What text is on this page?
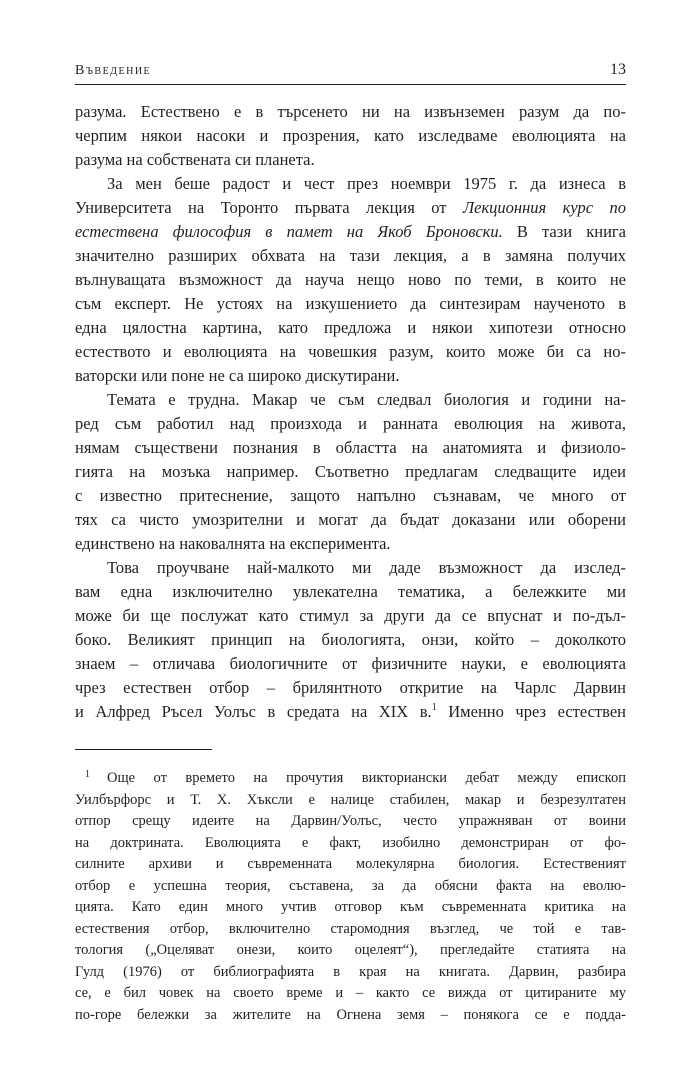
Въведение	13
разума. Естествено е в търсенето ни на извънземен разум да по-
черпим някои насоки и прозрения, като изследваме еволюцията на
разума на собствената си планета.
За мен беше радост и чест през ноември 1975 г. да изнеса в
Университета на Торонто първата лекция от Лекционния курс по
естествена философия в памет на Якоб Броновски. В тази книга
значително разширих обхвата на тази лекция, а в замяна получих
вълнуващата възможност да науча нещо ново по теми, в които не
съм експерт. Не устоях на изкушението да синтезирам наученото в
една цялостна картина, като предложа и някои хипотези относно
естеството и еволюцията на човешкия разум, които може би са но-
ваторски или поне не са широко дискутирани.
Темата е трудна. Макар че съм следвал биология и години на-
ред съм работил над произхода и ранната еволюция на живота,
нямам съществени познания в областта на анатомията и физиоло-
гията на мозъка например. Съответно предлагам следващите идеи
с известно притеснение, защото напълно съзнавам, че много от
тях са чисто умозрителни и могат да бъдат доказани или оборени
единствено на наковалнята на експеримента.
Това проучване най-малкото ми даде възможност да изслед-
вам една изключително увлекателна тематика, а бележките ми
може би ще послужат като стимул за други да се впуснат и по-дъл-
боко. Великият принцип на биологията, онзи, който – доколкото
знаем – отличава биологичните от физичните науки, е еволюцията
чрез естествен отбор – брилянтното откритие на Чарлс Дарвин
и Алфред Ръсел Уолъс в средата на XIX в.$^1$ Именно чрез естествен
1 Още от времето на прочутия викториански дебат между епископ
Уилбърфорс и Т. Х. Хъксли е налице стабилен, макар и безрезултатен
отпор срещу идеите на Дарвин/Уолъс, често упражняван от воини
на доктрината. Еволюцията е факт, изобилно демонстриран от фо-
силните архиви и съвременната молекулярна биология. Естественият
отбор е успешна теория, съставена, за да обясни факта на еволю-
цията. Като един много учтив отговор към съвременната критика на
естествения отбор, включително старомодния възглед, че той е тав-
тология („Оцеляват онези, които оцелеят“), прегледайте статията на
Гулд (1976) от библиографията в края на книгата. Дарвин, разбира
се, е бил човек на своето време и – както се вижда от цитираните му
по-горе бележки за жителите на Огнена земя – понякога се е подда-
